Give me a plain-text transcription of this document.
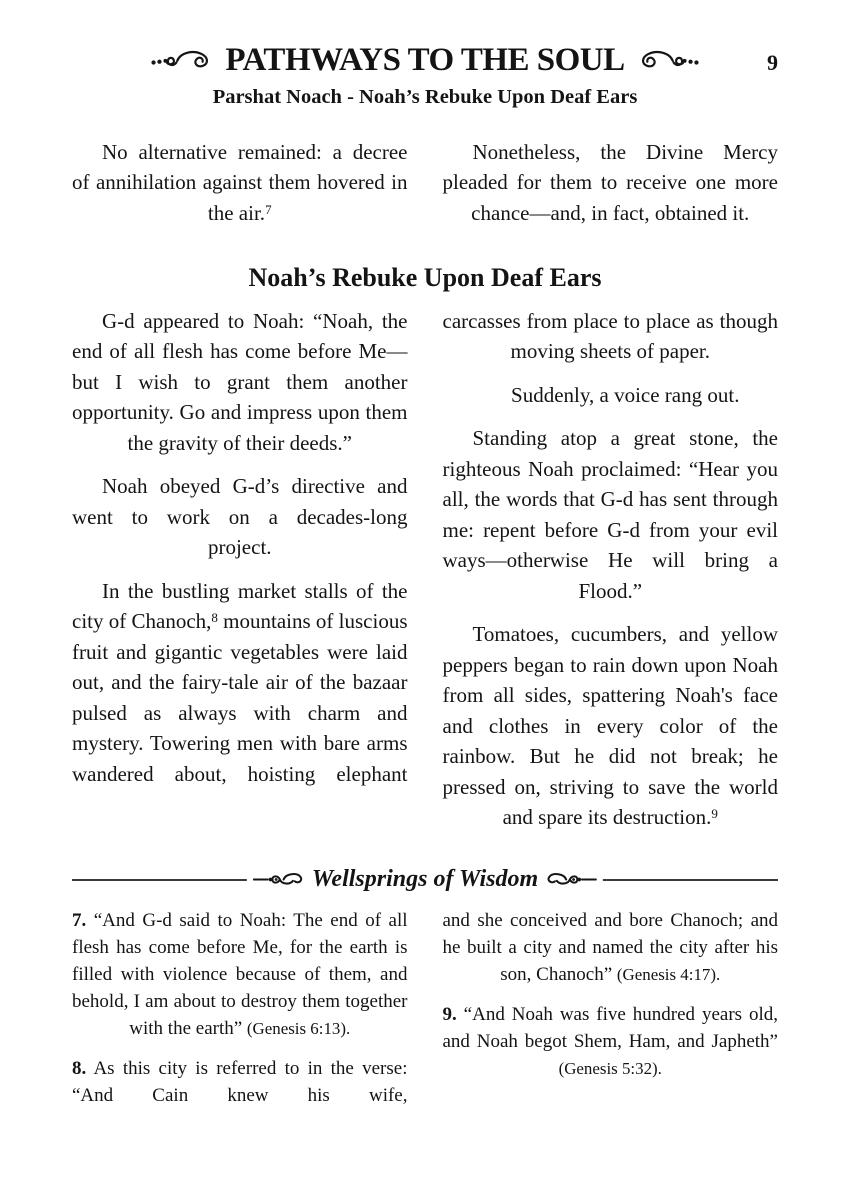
PATHWAYS TO THE SOUL	9
Parshat Noach - Noah’s Rebuke Upon Deaf Ears

No alternative remained: a decree of annihilation against them hovered in the air.$^7$

Nonetheless, the Divine Mercy pleaded for them to receive one more chance—and, in fact, obtained it.

Noah’s Rebuke Upon Deaf Ears

G-d appeared to Noah: “Noah, the end of all flesh has come before Me—but I wish to grant them another opportunity. Go and impress upon them the gravity of their deeds.”

Noah obeyed G-d’s directive and went to work on a decades-long project.

In the bustling market stalls of the city of Chanoch,$^8$ mountains of luscious fruit and gigantic vegetables were laid out, and the fairy-tale air of the bazaar pulsed as always with charm and mystery. Towering men with bare arms wandered about, hoisting elephant

carcasses from place to place as though moving sheets of paper.

Suddenly, a voice rang out.

Standing atop a great stone, the righteous Noah proclaimed: “Hear you all, the words that G-d has sent through me: repent before G-d from your evil ways—otherwise He will bring a Flood.”

Tomatoes, cucumbers, and yellow peppers began to rain down upon Noah from all sides, spattering Noah's face and clothes in every color of the rainbow. But he did not break; he pressed on, striving to save the world and spare its destruction.$^9$

Wellsprings of Wisdom

7. “And G-d said to Noah: The end of all flesh has come before Me, for the earth is filled with violence because of them, and behold, I am about to destroy them together with the earth” (Genesis 6:13).

8. As this city is referred to in the verse: “And Cain knew his wife,

and she conceived and bore Chanoch; and he built a city and named the city after his son, Chanoch” (Genesis 4:17).

9. “And Noah was five hundred years old, and Noah begot Shem, Ham, and Japheth” (Genesis 5:32).
